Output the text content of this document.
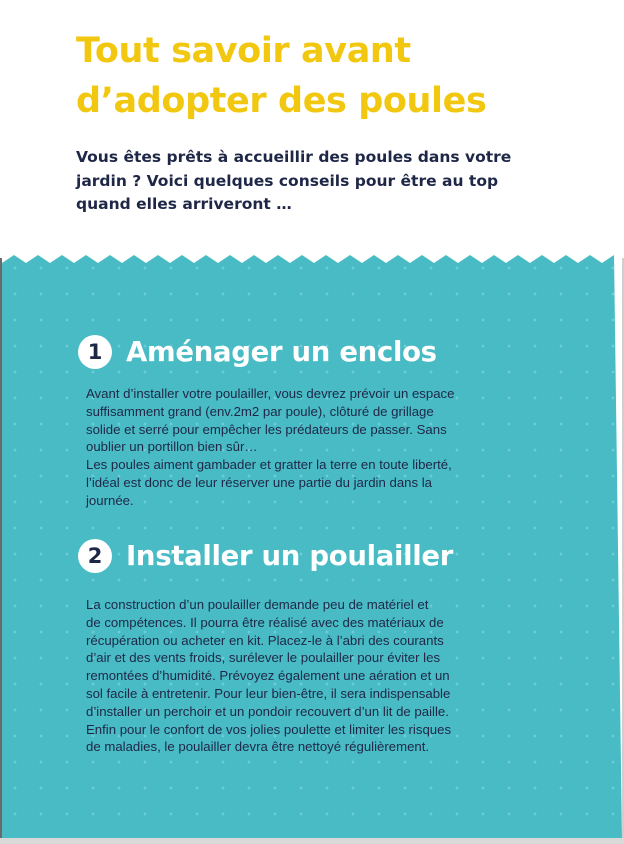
Tout savoir avant
d’adopter des poules

Vous êtes prêts à accueillir des poules dans votre
jardin ? Voici quelques conseils pour être au top
quand elles arriveront …

1 Aménager un enclos

Avant d’installer votre poulailler, vous devrez prévoir un espace
suffisamment grand (env.2m2 par poule), clôturé de grillage
solide et serré pour empêcher les prédateurs de passer. Sans
oublier un portillon bien sûr…
Les poules aiment gambader et gratter la terre en toute liberté,
l’idéal est donc de leur réserver une partie du jardin dans la
journée.

2 Installer un poulailler

La construction d’un poulailler demande peu de matériel et
de compétences. Il pourra être réalisé avec des matériaux de
récupération ou acheter en kit. Placez-le à l’abri des courants
d’air et des vents froids, surélever le poulailler pour éviter les
remontées d’humidité. Prévoyez également une aération et un
sol facile à entretenir. Pour leur bien-être, il sera indispensable
d’installer un perchoir et un pondoir recouvert d’un lit de paille.
Enfin pour le confort de vos jolies poulette et limiter les risques
de maladies, le poulailler devra être nettoyé régulièrement.
